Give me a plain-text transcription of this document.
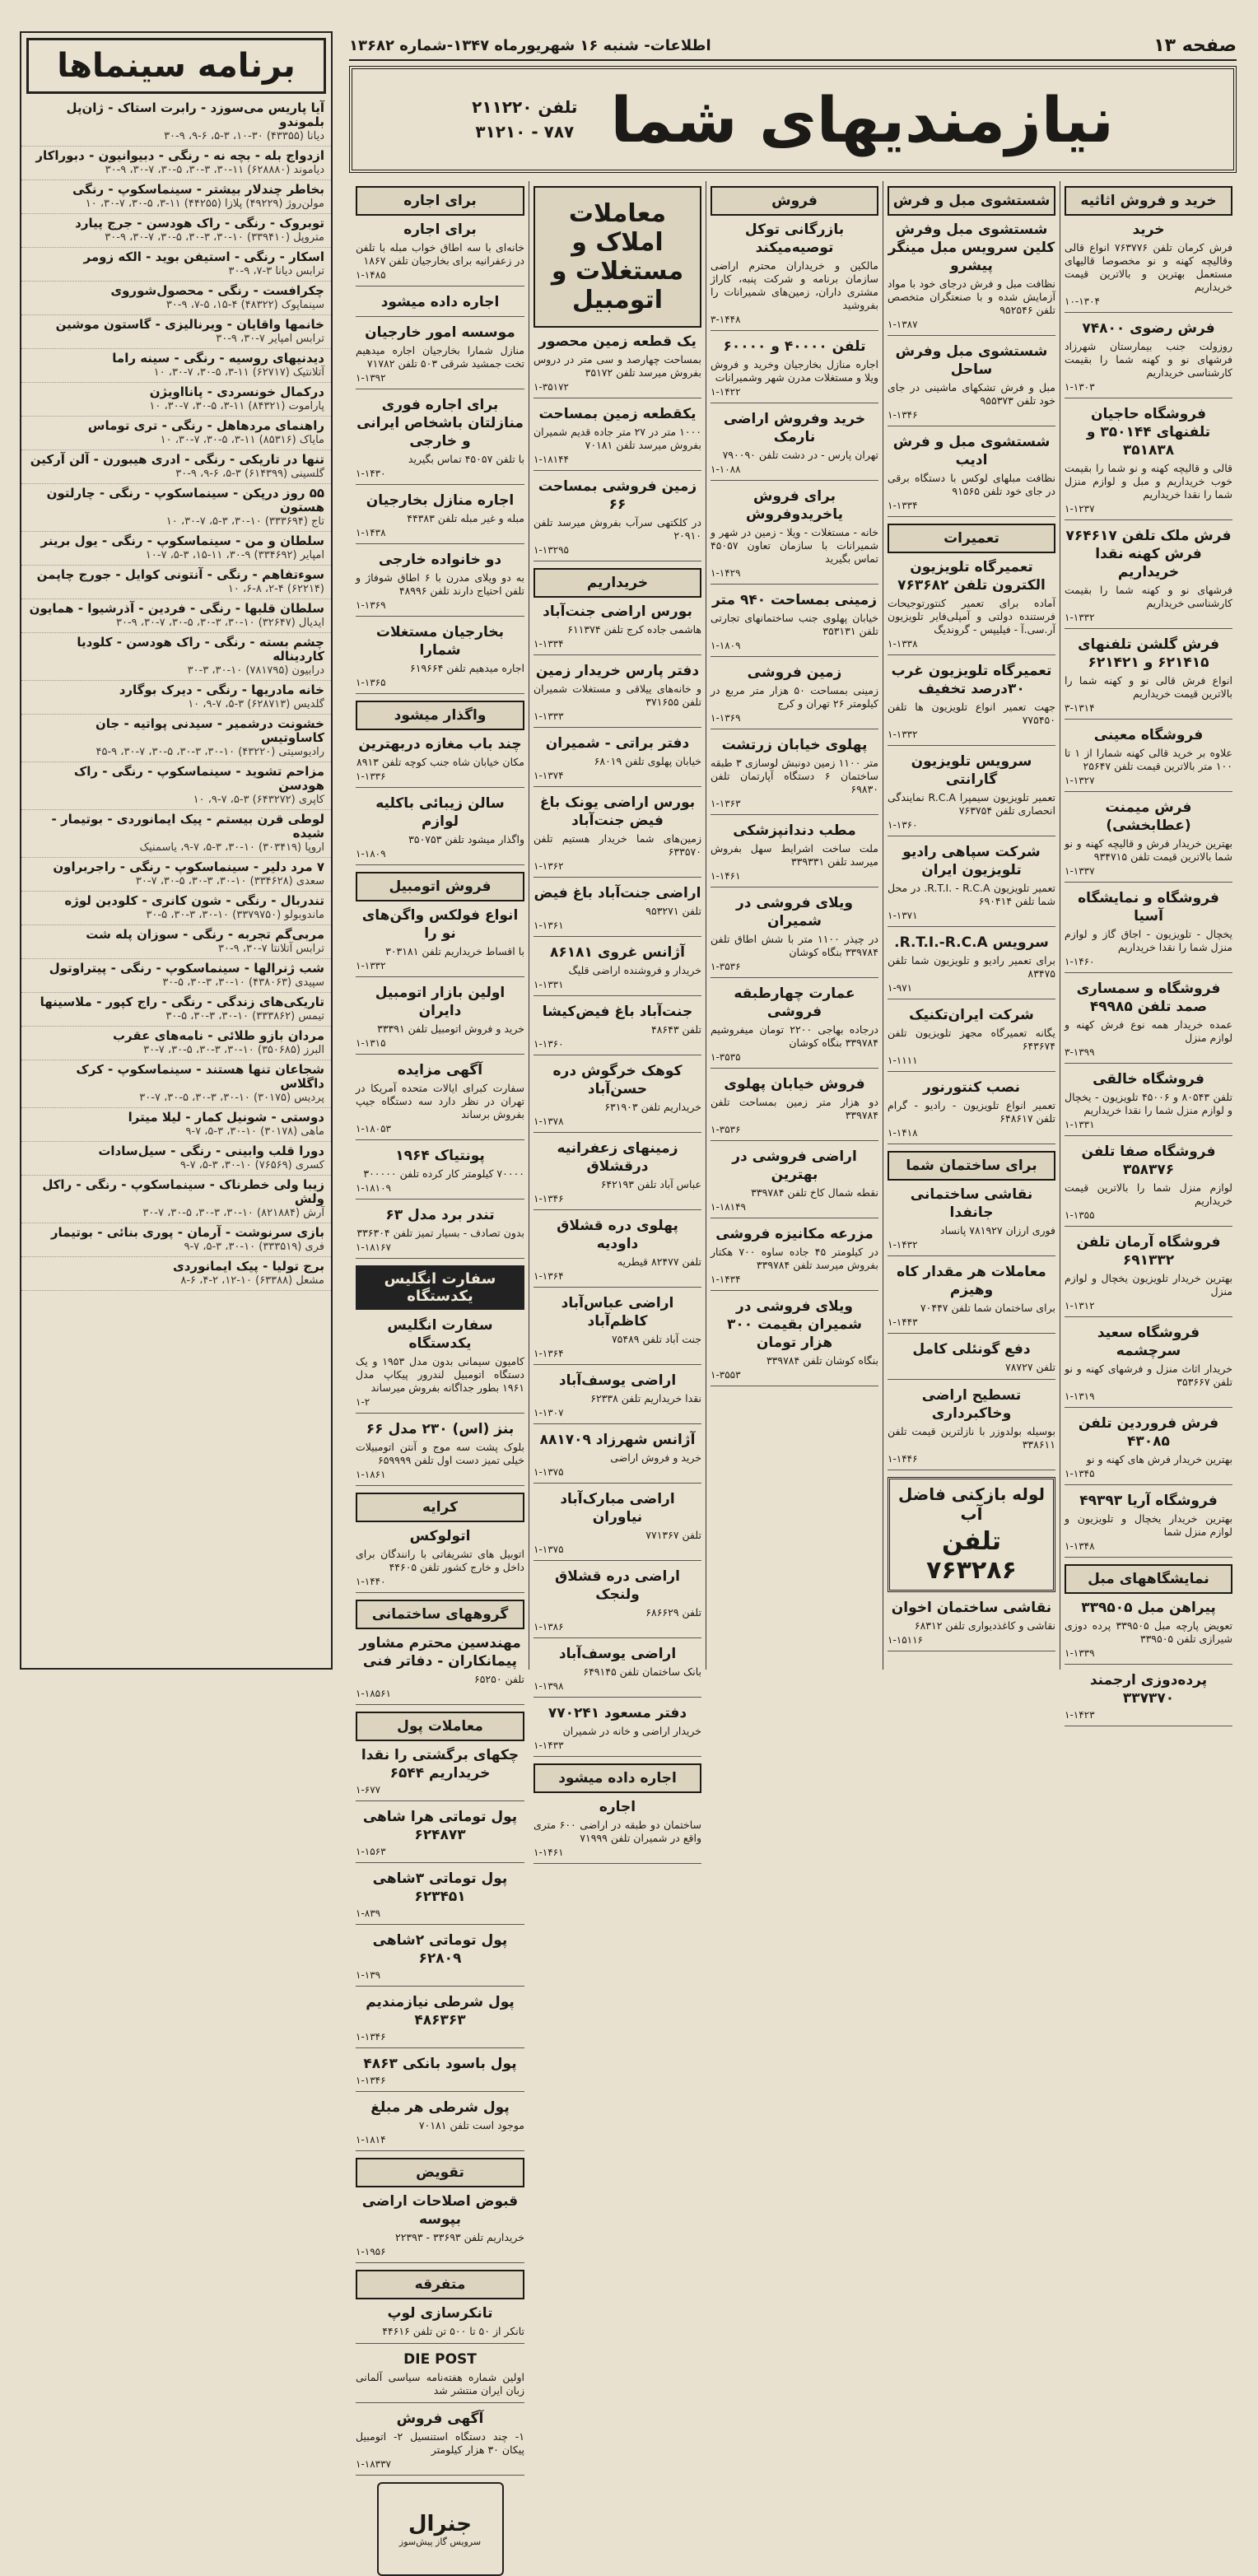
صفحه ۱۳
اطلاعات- شنبه ۱۶ شهریورماه ۱۳۴۷-شماره ۱۳۶۸۲
نیازمندیهای شما
تلفن ۲۱۱۲۲۰
۷۸۷ - ۳۱۲۱۰
برنامه سینماها
آیا پاریس می‌سوزد - رابرت استاک - ژان‌پل بلموندو
دیانا (۴۳۳۵۵) ۳۰-۱۰، ۳-۵، ۶-۹، ۹-۳۰
ازدواج بله - بچه نه - رنگی - دبیوانیون - دبوراکار
دیاموند (۶۲۸۸۸۰) ۱۱-۳۰، ۳-۳۰، ۵-۳۰، ۷-۳۰، ۹-۳۰
بخاطر چندلار بیشتر - سینماسکوپ - رنگی
مولن‌روژ (۴۹۲۲۹) پلازا (۴۴۲۵۵) ۱۱-۳، ۵-۳۰، ۷-۳۰، ۱۰
توبروک - رنگی - راک هودسن - جرج پیارد
متروپل (۳۳۹۴۱۰) ۱۰-۳۰، ۳-۳۰، ۵-۳۰، ۷-۳۰، ۹-۳۰
اسکار - رنگی - استیفن بوید - الکه زومر
ترابس دیانا ۳-۷، ۹-۳۰
چکرافست - رنگی - محصول‌شوروی
سینماپوک (۴۸۳۲۲) ۴-۱۵، ۵-۷، ۹-۳۰
خانمها واقایان - ویرنالیزی - گاستون موشین
ترابس امپایر ۷-۳۰، ۹-۳۰
دیدنیهای روسیه - رنگی - سینه راما
آتلانتیک (۶۲۷۱۷) ۱۱-۳، ۵-۳۰، ۷-۳۰، ۱۰
درکمال خونسردی - پانااویژن
پاراموت (۸۴۳۲۱) ۱۱-۳، ۵-۳۰، ۷-۳۰، ۱۰
راهنمای مردهاهل - رنگی - تری توماس
مایاک (۸۵۳۱۶) ۱۱-۳، ۵-۳۰، ۷-۳۰، ۱۰
تنها در تاریکی - رنگی - ادری هیبورن - آلن آرکین
گلسینی (۶۱۴۳۹۹) ۳-۵، ۶-۹، ۹-۳۰
۵۵ روز درپکن - سینماسکوپ - رنگی - چارلتون هستون
تاج (۳۳۳۶۹۴) ۱۰-۳۰، ۳-۵، ۷-۳۰، ۱۰
سلطان و من - سینماسکوپ - رنگی - یول برینر
امپایر (۳۳۴۶۹۲) ۹-۳۰، ۱۱-۱۵، ۳-۵، ۷-۱۰
سوءتفاهم - رنگی - آنتونی کوایل - جورج چاپمن
(۶۲۲۱۴) ۲-۴، ۶-۸، ۱۰
سلطان قلبها - رنگی - فردین - آذرشیوا - همایون
ایدیال (۳۲۶۴۷) ۱۰-۳۰، ۳-۳۰، ۵-۳۰، ۷-۳۰، ۹-۳۰
چشم بسته - رنگی - راک هودسن - کلودیا کاردیناله
درابیون (۷۸۱۷۹۵) ۱۰-۳۰، ۳-۳۰
خانه مادریها - رنگی - دیرک بوگارد
گلدیس (۶۲۸۷۱۳) ۳-۵، ۷-۹، ۱۰
خشونت درشمیر - سیدنی پواتیه - جان کاساوتیس
رادیوسیتی (۴۳۲۲۰) ۱۰-۳۰، ۳-۳۰، ۵-۳۰، ۷-۳۰، ۹-۴۵
مزاحم تشوید - سینماسکوپ - رنگی - راک هودسن
کاپری (۶۴۳۲۷۲) ۳-۵، ۷-۹، ۱۰
لوطی قرن بیستم - پیک ایمانوردی - بوتیمار - شیده
اروپا (۳۰۳۴۱۹) ۱۰-۳۰، ۳-۵، ۷-۹، یاسمنیک
۷ مرد دلیر - سینماسکوپ - رنگی - راجربراون
سعدی (۳۳۴۶۲۸) ۱۰-۳۰، ۳-۳۰، ۵-۳۰، ۷-۳۰
تندربال - رنگی - شون کانری - کلودین لوژه
ماندوبولو (۳۳۷۹۷۵۰) ۱۰-۳۰، ۳-۳۰، ۵-۳۰
مربی‌گم تجربه - رنگی - سوزان پله شت
ترابس آتلانتا ۷-۳۰، ۹-۳۰
شب ژنرالها - سینماسکوپ - رنگی - پیتراوتول
سپیدی (۴۳۸۰۶۳) ۱۰-۳۰، ۳-۳۰، ۵-۳۰
تاریکی‌های زندگی - رنگی - راج کپور - ملاسینها
تیمس (۳۳۳۸۶۲) ۱۰-۳۰، ۳-۳۰، ۵-۳۰
مردان بازو طلائی - نامه‌های عقرب
البرز (۳۵۰۶۸۵) ۱۰-۳۰، ۳-۳۰، ۵-۳۰، ۷-۳۰
شجاعان تنها هستند - سینماسکوپ - کرک داگلاس
پردیس (۳۰۱۷۵) ۱۰-۳۰، ۳-۳۰، ۵-۳۰، ۷-۳۰
دوستی - شونیل کمار - لیلا میترا
ماهی (۳۰۱۷۸) ۱۰-۳۰، ۳-۵، ۷-۹
دورا قلب وابینی - رنگی - سیل‌سادات
کسری (۷۶۵۶۹) ۱۰-۳۰، ۳-۵، ۷-۹
زیبا ولی خطرناک - سینماسکوپ - رنگی - راکل ولش
آرش (۸۲۱۸۸۴) ۱۰-۳۰، ۳-۳۰، ۵-۳۰، ۷-۳۰
بازی سرنوشت - آرمان - پوری بنائی - بوتیمار
فری (۳۳۳۵۱۹) ۱۰-۳۰، ۳-۵، ۷-۹
برج تولیا - پیک ایمانوردی
مشعل (۶۳۳۸۸) ۱۰-۱۲، ۲-۴، ۶-۸
خرید و فروش اثاثیه
خرید
فرش کرمان تلفن ۷۶۳۷۷۶ انواع قالی وقالیچه کهنه و نو مخصوصا قالیهای مستعمل بهترین و بالاترین قیمت خریداریم
۱۰-۱۳۰۴
فرش رضوی ۷۴۸۰۰
روزولت جنب بیمارستان شهرزاد فرشهای نو و کهنه شما را بقیمت کارشناسی خریداریم
۱-۱۳۰۳
فروشگاه حاجیان تلفنهای ۳۵۰۱۴۴ و ۳۵۱۸۳۸
قالی و قالیچه کهنه و نو شما را بقیمت خوب خریداریم و مبل و لوازم منزل شما را نقدا خریداریم
۱-۱۲۳۷
فرش ملک تلفن ۷۶۴۶۱۷ فرش کهنه نقدا خریداریم
فرشهای نو و کهنه شما را بقیمت کارشناسی خریداریم
۱-۱۳۳۲
فرش گلشن تلفنهای ۶۲۱۴۱۵ و ۶۲۱۴۲۱
انواع فرش قالی نو و کهنه شما را بالاترین قیمت خریداریم
۳-۱۳۱۴
فروشگاه معینی
علاوه بر خرید قالی کهنه شمارا از ۱ تا ۱۰۰ متر بالاترین قیمت تلفن ۲۵۶۴۷
۱-۱۳۲۷
فرش میمنت (عطابخشی)
بهترین خریدار فرش و قالیچه کهنه و نو شما بالاترین قیمت تلفن ۹۳۴۷۱۵
۱-۱۳۳۷
فروشگاه و نمایشگاه آسیا
یخچال - تلویزیون - اجاق گاز و لوازم منزل شما را نقدا خریداریم
۱-۱۴۶۰
فروشگاه و سمساری صمد تلفن ۴۹۹۸۵
عمده خریدار همه نوع فرش کهنه و لوازم منزل
۳-۱۳۹۹
فروشگاه خالقی
تلفن ۸۰۵۴۳ و ۴۵۰۰۶ تلویزیون - یخچال و لوازم منزل شما را نقدا خریداریم
۱-۱۳۳۱
فروشگاه صفا تلفن ۳۵۸۳۷۶
لوازم منزل شما را بالاترین قیمت خریداریم
۱-۱۳۵۵
فروشگاه آرمان تلفن ۶۹۱۳۳۲
بهترین خریدار تلویزیون یخچال و لوازم منزل
۱-۱۳۱۲
فروشگاه سعید سرچشمه
خریدار اثاث منزل و فرشهای کهنه و نو تلفن ۳۵۳۶۶۷
۱-۱۳۱۹
فرش فروردین تلفن ۴۳۰۸۵
بهترین خریدار فرش های کهنه و نو
۱-۱۳۴۵
فروشگاه آریا ۴۹۳۹۳
بهترین خریدار یخچال و تلویزیون و لوازم منزل شما
۱-۱۳۴۸
نمایشگاههای مبل
پیراهن مبل ۳۳۹۵۰۵
تعویض پارچه مبل ۳۳۹۵۰۵ پرده دوزی شیرازی تلفن ۳۳۹۵۰۵
۱-۱۳۳۹
پرده‌دوزی ارجمند ۳۳۷۳۷۰
۱-۱۴۲۳
شستشوی مبل و فرش
شستشوی مبل وفرش کلین سرویس مبل مینگر پیشرو
نظافت مبل و فرش درجای خود با مواد آزمایش شده و با صنعتگران متخصص تلفن ۹۵۲۵۴۶
۱-۱۳۸۷
شستشوی مبل وفرش ساحل
مبل و فرش تشکهای ماشینی در جای خود تلفن ۹۵۵۳۷۳
۱-۱۳۴۶
شستشوی مبل و فرش ادیب
نظافت مبلهای لوکس با دستگاه برقی در جای خود تلفن ۹۱۵۶۵
۱-۱۳۳۴
تعمیرات
تعمیرگاه تلویزیون الکترون تلفن ۷۶۳۶۸۲
آماده برای تعمیر کنتورتوجیحات فرستنده دولتی و آمپلی‌فایر تلویزیون آر.سی.آ - فیلیپس - گروندیگ
۱-۱۳۳۸
تعمیرگاه تلویزیون غرب ۳۰درصد تخفیف
جهت تعمیر انواع تلویزیون ها تلفن ۷۷۵۴۵۰
۱-۱۳۳۲
سرویس تلویزیون گارانتی
تعمیر تلویزیون سیمپرا R.C.A نمایندگی انحصاری تلفن ۷۶۳۷۵۴
۱-۱۳۶۰
شرکت سپاهی رادیو تلویزیون ایران
تعمیر تلویزیون R.T.I. - R.C.A. در محل شما تلفن ۶۹۰۴۱۴
۱-۱۳۷۱
سرویس R.T.I.-R.C.A.
برای تعمیر رادیو و تلویزیون شما تلفن ۸۳۴۷۵
۱-۹۷۱
شرکت ایران‌تکنیک
یگانه تعمیرگاه مجهز تلویزیون تلفن ۶۴۳۶۷۴
۱-۱۱۱۱
نصب کنتورنور
تعمیر انواع تلویزیون - رادیو - گرام تلفن ۶۴۸۶۱۷
۱-۱۴۱۸
برای ساختمان شما
نقاشی ساختمانی جانفدا
فوری ارزان ۷۸۱۹۲۷ پانساد
۱-۱۴۳۲
معاملات هر مقدار کاه وهیزم
برای ساختمان شما تلفن ۷۰۴۴۷
۱-۱۴۴۳
دفع گونئلی کامل
تلفن ۷۸۷۲۷
تسطیح اراضی وخاکبرداری
بوسیله بولدوزر با نازلترین قیمت تلفن ۳۳۸۶۱۱
۱-۱۴۴۶
لوله بازکنی فاضل آب
تلفن ۷۶۳۲۸۶
نقاشی ساختمان اخوان
نقاشی و کاغذدیواری تلفن ۶۸۳۱۲
۱-۱۵۱۱۶
فروش
بازرگانی توکل توصیه‌میکند
مالکین و خریداران محترم اراضی سازمان برنامه و شرکت پنبه، کاراژ مشتری داران، زمین‌های شمیرانات را بفروشید
۳-۱۴۴۸
تلفن ۴۰۰۰۰ و ۶۰۰۰۰
اجاره منازل بخارجیان وخرید و فروش ویلا و مستغلات مدرن شهر وشمیرانات
۱-۱۴۲۲
خرید وفروش اراضی نارمک
تهران پارس - در دشت تلفن ۷۹۰۰۹۰
۱-۱۰۸۸
برای فروش یاخریدوفروش
خانه - مستغلات - ویلا - زمین در شهر و شمیرانات با سازمان تعاون ۴۵۰۵۷ تماس بگیرید
۱-۱۴۲۹
زمینی بمساحت ۹۴۰ متر
خیابان پهلوی جنب ساختمانهای تجارتی تلفن ۳۵۳۱۳۱
۱-۱۸۰۹
زمین فروشی
زمینی بمساحت ۵۰ هزار متر مربع در کیلومتر ۲۶ تهران و کرج
۱-۱۳۶۹
پهلوی خیابان زرتشت
متر ۱۱۰۰ زمین دونبش لوسازی ۳ طبقه ساختمان ۶ دستگاه آپارتمان تلفن ۶۹۸۳۰
۱-۱۳۶۳
مطب دندانپزشکی
ملت ساخت اشرایط سهل بفروش میرسد تلفن ۳۳۹۳۳۱
۱-۱۴۶۱
ویلای فروشی در شمیران
در چیذر ۱۱۰۰ متر با شش اطاق تلفن ۳۳۹۷۸۴ بنگاه کوشان
۱-۳۵۳۶
عمارت چهارطبقه فروشی
درجاده بهاجی ۲۲۰۰ تومان میفروشیم ۳۳۹۷۸۴ بنگاه کوشان
۱-۳۵۳۵
فروش خیابان پهلوی
دو هزار متر زمین بمساحت تلفن ۳۳۹۷۸۴
۱-۳۵۳۶
اراضی فروشی در بهترین
نقطه شمال کاخ تلفن ۳۳۹۷۸۴
۱-۱۸۱۴۹
مزرعه مکانیزه فروشی
در کیلومتر ۴۵ جاده ساوه ۷۰۰ هکتار بفروش میرسد تلفن ۳۳۹۷۸۴
۱-۱۴۳۴
ویلای فروشی در شمیران بقیمت ۳۰۰ هزار تومان
بنگاه کوشان تلفن ۳۳۹۷۸۴
۱-۳۵۵۳
معاملات املاک و مستغلات و اتومبیل
یک قطعه زمین محصور
بمساحت چهارصد و سی متر در دروس بفروش میرسد تلفن ۳۵۱۷۲
۱-۳۵۱۷۲
یکقطعه زمین بمساحت
۱۰۰۰ متر در ۲۷ متر جاده قدیم شمیران بفروش میرسد تلفن ۷۰۱۸۱
۱-۱۸۱۴۴
زمین فروشی بمساحت ۶۶
در کلکتهی سرآب بفروش میرسد تلفن ۲۰۹۱۰
۱-۱۳۲۹۵
خریداریم
بورس اراضی جنت‌آباد
هاشمی جاده کرج تلفن ۶۱۱۳۷۴
۱-۱۳۳۴
دفتر پارس خریدار زمین
و خانه‌های ییلاقی و مستغلات شمیران تلفن ۳۷۱۶۵۵
۱-۱۳۳۳
دفتر براتی - شمیران
خیابان پهلوی تلفن ۶۸۰۱۹
۱-۱۳۷۴
بورس اراضی یونک باغ فیض جنت‌آباد
زمین‌های شما خریدار هستیم تلفن ۶۳۳۵۷۰
۱-۱۳۶۲
اراضی جنت‌آباد باغ فیض
تلفن ۹۵۳۲۷۱
۱-۱۳۶۱
آژانس غروی ۸۶۱۸۱
خریدار و فروشنده اراضی قلیگ
۱-۱۳۳۱
جنت‌آباد باغ فیض‌کیشا
تلفن ۴۸۶۴۳
۱-۱۳۶۰
کوهک خرگوش دره حسن‌آباد
خریداریم تلفن ۶۳۱۹۰۳
۱-۱۳۷۸
زمینهای زعفرانیه درقشلاق
عباس آباد تلفن ۶۴۲۱۹۳
۱-۱۳۴۶
پهلوی دره قشلاق داودیه
تلفن ۸۲۴۷۷ قیطریه
۱-۱۳۶۴
اراضی عباس‌آباد کاظم‌آباد
جنت آباد تلفن ۷۵۴۸۹
۱-۱۳۶۴
اراضی یوسف‌آباد
نقدا خریداریم تلفن ۶۲۳۳۸
۱-۱۳۰۷
آژانس شهرزاد ۸۸۱۷۰۹
خرید و فروش اراضی
۱-۱۳۷۵
اراضی مبارک‌آباد نیاوران
تلفن ۷۷۱۳۶۷
۱-۱۳۷۵
اراضی دره قشلاق ولنجک
تلفن ۶۸۶۶۲۹
۱-۱۳۸۶
اراضی یوسف‌آباد
بانک ساختمان تلفن ۶۴۹۱۴۵
۱-۱۳۹۸
دفتر مسعود ۷۷۰۲۴۱
خریدار اراضی و خانه در شمیران
۱-۱۴۳۳
اجاره داده میشود
اجاره
ساختمان دو طبقه در اراضی ۶۰۰ متری واقع در شمیران تلفن ۷۱۹۹۹
۱-۱۴۶۱
برای اجاره
برای اجاره
خانه‌ای با سه اطاق خواب مبله با تلفن در زعفرانیه برای بخارجیان تلفن ۱۸۶۷
۱-۱۴۸۵
اجاره داده میشود
موسسه امور خارجیان
منازل شمارا بخارجیان اجاره میدهیم تخت جمشید شرقی ۵۰۳ تلفن ۷۱۷۸۲
۱-۱۳۹۲
برای اجاره فوری منازلتان باشخاص ایرانی و خارجی
با تلفن ۴۵۰۵۷ تماس بگیرید
۱-۱۴۳۰
اجاره منازل بخارجیان
مبله و غیر مبله تلفن ۴۴۳۸۳
۱-۱۴۳۸
دو خانواده خارجی
به دو ویلای مدرن با ۶ اطاق شوفاژ و تلفن احتیاج دارند تلفن ۴۸۹۹۶
۱-۱۳۶۹
بخارجیان مستغلات شمارا
اجاره میدهیم تلفن ۶۱۹۶۶۴
۱-۱۳۶۵
واگذار میشود
چند باب مغازه دربهترین
مکان خیابان شاه جنب کوچه تلفن ۸۹۱۳
۱-۱۳۳۶
سالن زیبائی باکلیه لوازم
واگذار میشود تلفن ۳۵۰۷۵۳
۱-۱۸۰۹
فروش اتومبیل
انواع فولکس واگن‌های نو را
با اقساط خریداریم تلفن ۳۰۳۱۸۱
۱-۱۳۳۲
اولین بازار اتومبیل دایران
خرید و فروش اتومبیل تلفن ۳۳۳۹۱
۱-۱۳۱۵
آگهی مزایده
سفارت کبرای ایالات متحده آمریکا در تهران در نظر دارد سه دستگاه جیپ بفروش برساند
۱-۱۸۰۵۳
پونتیاک ۱۹۶۴
۷۰۰۰۰ کیلومتر کار کرده تلفن ۳۰۰۰۰۰
۱-۱۸۱۰۹
تندر برد مدل ۶۳
بدون تصادف - بسیار تمیز تلفن ۳۳۶۳۰۴
۱-۱۸۱۶۷
سفارت انگلیس یکدستگاه
سفارت انگلیس یکدستگاه
کامیون سیمانی بدون مدل ۱۹۵۳ و یک دستگاه اتومبیل لندرور پیکاپ مدل ۱۹۶۱ بطور جداگانه بفروش میرساند
۱-۲
بنز (اس) ۲۳۰ مدل ۶۶
بلوک پشت سه موج و آنتن اتومبیلات خیلی تمیز دست اول تلفن ۶۵۹۹۹۹
۱-۱۸۶۱
کرایه
اتولوکس
اتوبیل های تشریفاتی با رانندگان برای داخل و خارج کشور تلفن ۴۴۶۰۵
۱-۱۴۴۰
گروههای ساختمانی
مهندسین محترم مشاور پیمانکاران - دفاتر فنی
تلفن ۶۵۲۵۰
۱-۱۸۵۶۱
معاملات پول
چکهای برگشتی را نقدا خریداریم ۶۵۴۴
۱-۶۷۷
پول توماتی هرا شاهی ۶۲۴۸۷۳
۱-۱۵۶۳
پول توماتی ۳شاهی ۶۲۳۴۵۱
۱-۸۳۹
پول توماتی ۲شاهی ۶۲۸۰۹
۱-۱۳۹
پول شرطی نیازمندیم ۴۸۶۳۶۳
۱-۱۳۴۶
پول باسود بانکی ۴۸۶۳
۱-۱۳۴۶
پول شرطی هر مبلغ
موجود است تلفن ۷۰۱۸۱
۱-۱۸۱۴
تقویض
قبوض اصلاحات اراضی بپوسه
خریداریم تلفن ۳۳۶۹۳ - ۲۲۳۹۳
۱-۱۹۵۶
متفرقه
تانکرسازی لوپ
تانکر از ۵۰ تا ۵۰۰ تن تلفن ۴۴۶۱۶
DIE POST
اولین شماره هفته‌نامه سیاسی آلمانی زبان ایران منتشر شد
آگهی فروش
۱- چند دستگاه استنسیل ۲- اتومبیل پیکان ۳۰ هزار کیلومتر
۱-۱۸۳۳۷
جنرال
سرویس گاز پیش‌سوز
